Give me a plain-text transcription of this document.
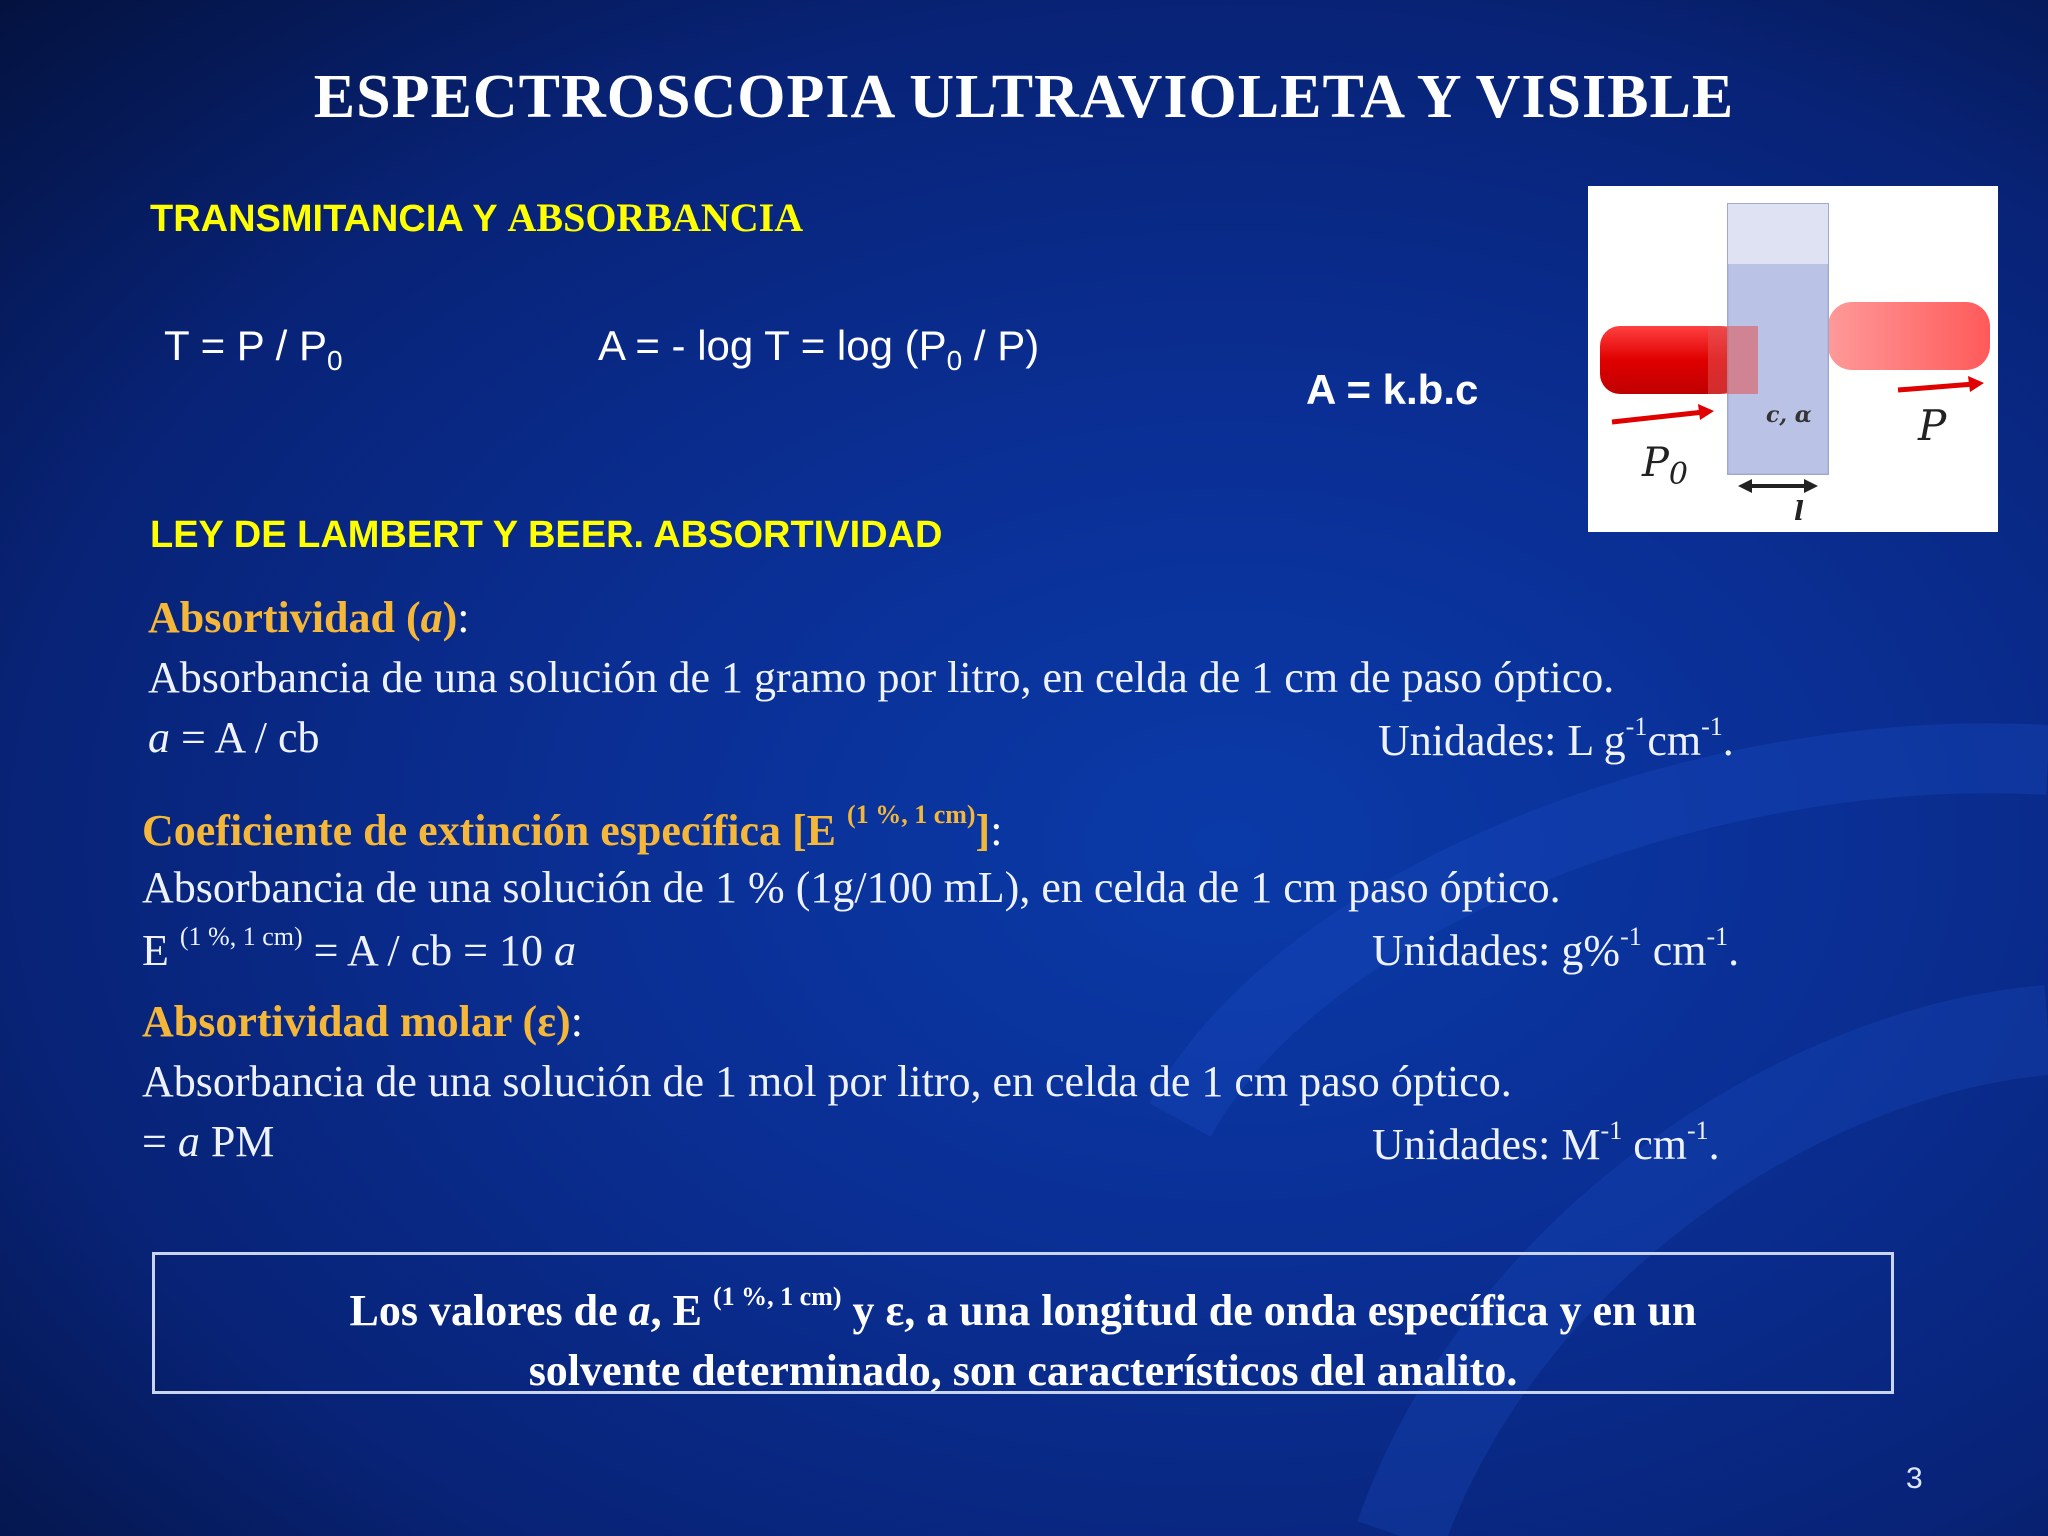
ESPECTROSCOPIA ULTRAVIOLETA Y VISIBLE
TRANSMITANCIA Y ABSORBANCIA
$T = P / P_0$	A = - $\log T = \log (P_0 / P)$
A = k.b.c
c, α
$P_0$
P
l
LEY DE LAMBERT Y BEER. ABSORTIVIDAD
Absortividad (a):
Absorbancia de una solución de 1 gramo por litro, en celda de 1 cm de paso óptico.
a = A / cb	Unidades: L $g^{-1}cm^{-1}$.
Coeficiente de extinción específica [E $^{(1 \%, 1 cm)}$]:
Absorbancia de una solución de 1 % (1g/100 mL), en celda de 1 cm paso óptico.
E $^{(1 \%, 1 cm)}$ = A / cb = 10 a	Unidades: g%$^{-1}$ $cm^{-1}$.
Absortividad molar (ε):
Absorbancia de una solución de 1 mol por litro, en celda de 1 cm paso óptico.
= a PM	Unidades: $M^{-1}$ $cm^{-1}$.
Los valores de a, E $^{(1 \%, 1 cm)}$ y ε, a una longitud de onda específica y en un
solvente determinado, son característicos del analito.
3
